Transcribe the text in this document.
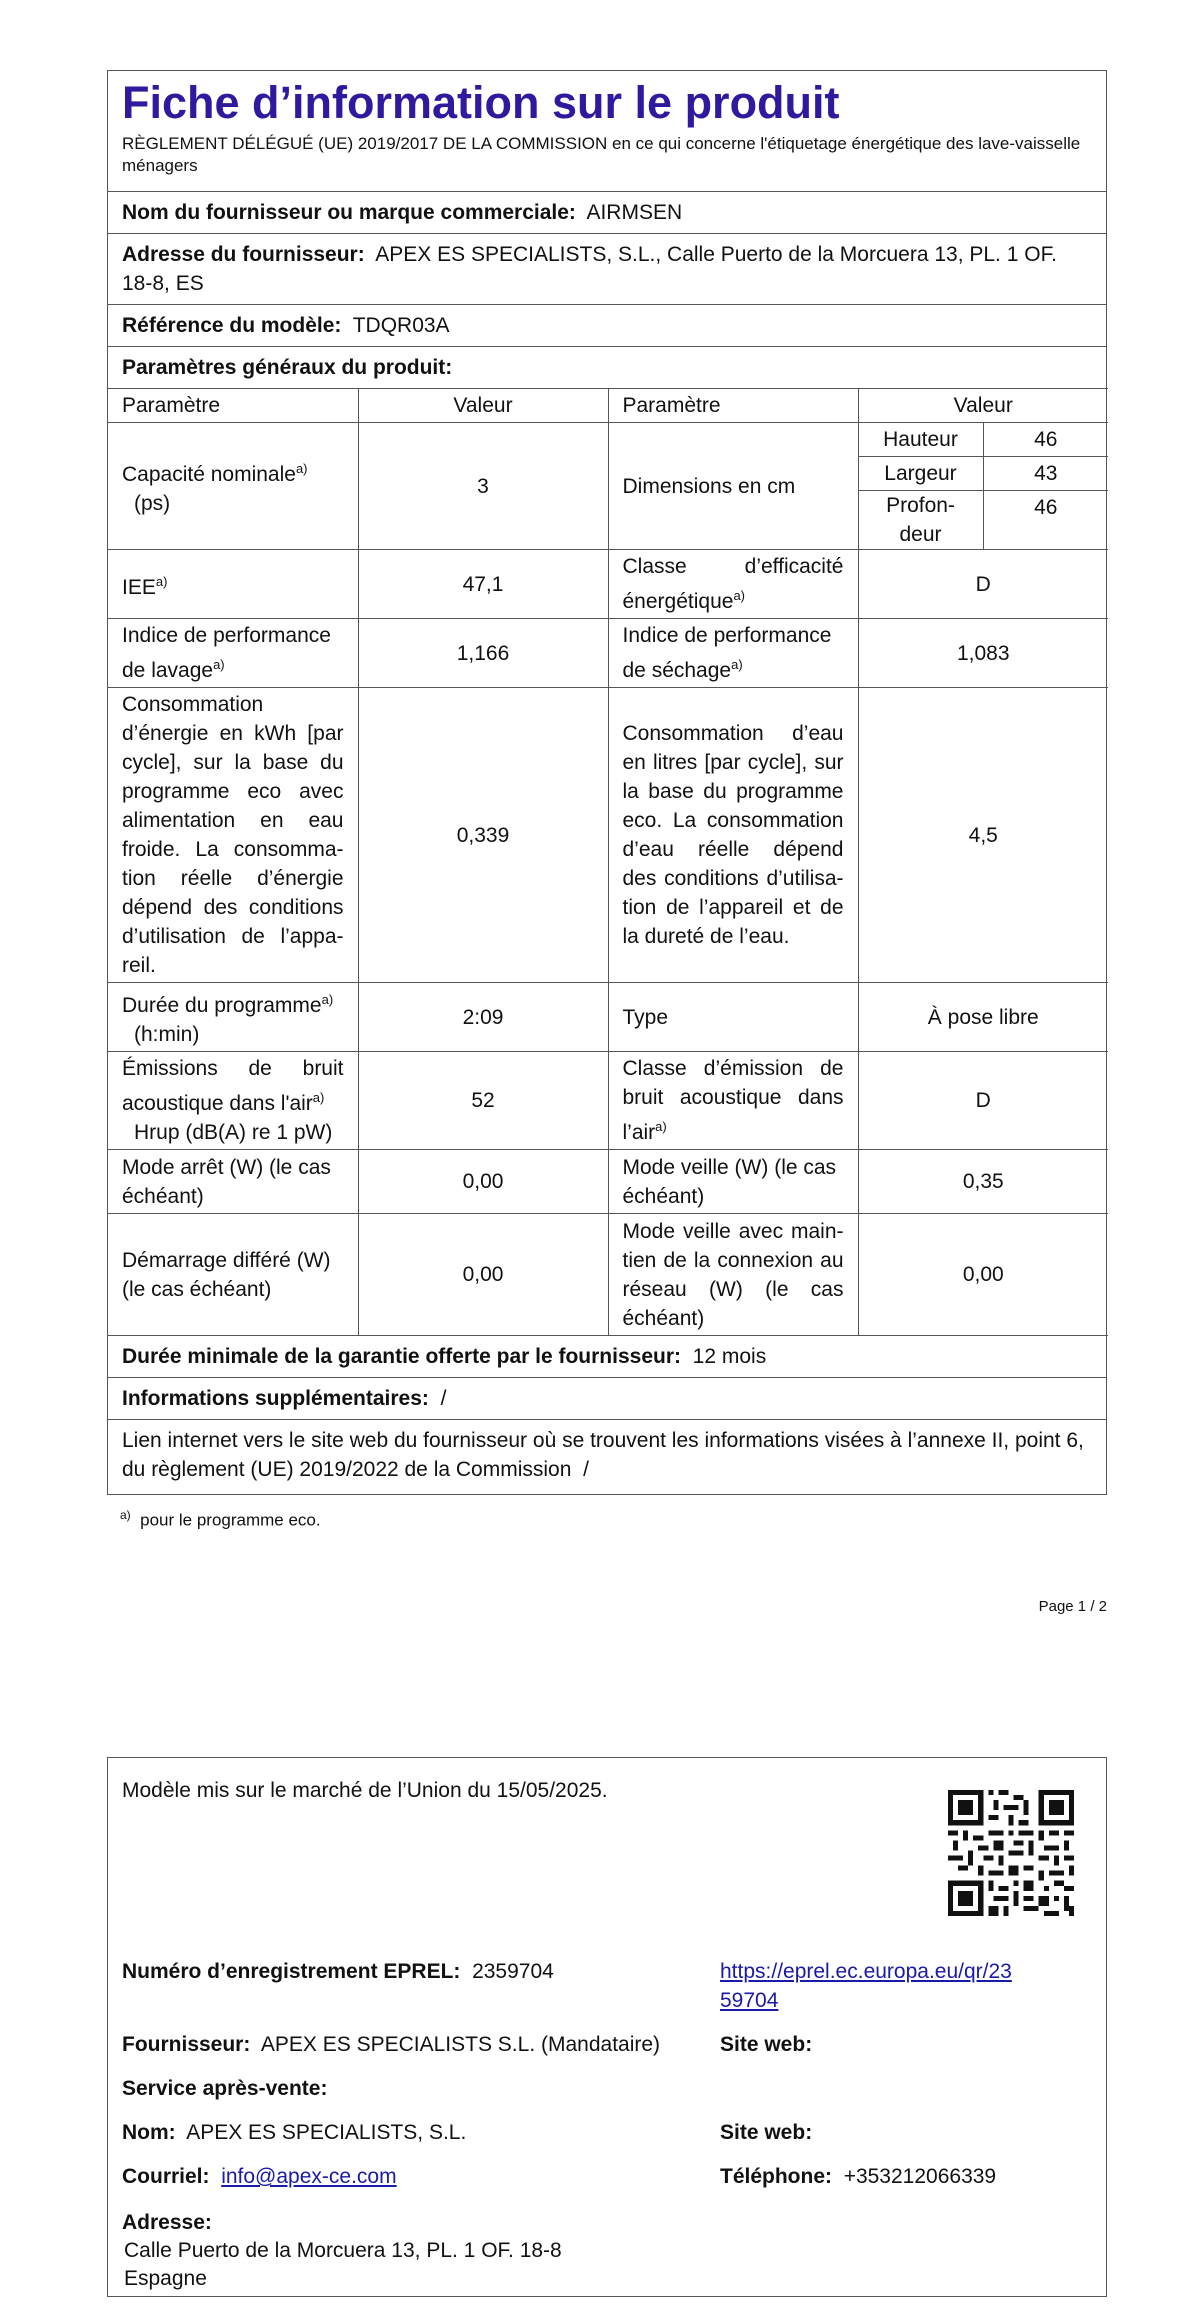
Fiche d’information sur le produit
RÈGLEMENT DÉLÉGUÉ (UE) 2019/2017 DE LA COMMISSION en ce qui concerne l'étiquetage énergétique des lave-vaisselle ménagers
Nom du fournisseur ou marque commerciale: AIRMSEN
Adresse du fournisseur: APEX ES SPECIALISTS, S.L., Calle Puerto de la Morcuera 13, PL. 1 OF. 18-8, ES
Référence du modèle: TDQR03A
Paramètres généraux du produit:
Paramètre	Valeur	Paramètre	Valeur	
Capacité nominale$^{a)}$
(ps)	3	Dimensions en cm	Hauteur	46
			Largeur	43
			Profon-deur	46
IEE$^{a)}$	47,1	Classe d’efficacité énergétique$^{a)}$	D	
Indice de performance de lavage$^{a)}$	1,166	Indice de performance de séchage$^{a)}$	1,083	
Consommation d’énergie en kWh [par cycle], sur la base du programme eco avec alimentation en eau froide. La consomma-tion réelle d’énergie dépend des conditions d’utilisation de l’appa-reil.	0,339	Consommation d’eau en litres [par cycle], sur la base du programme eco. La consommation d’eau réelle dépend des conditions d’utilisa-tion de l’appareil et de la dureté de l’eau.	4,5	
Durée du programme$^{a)}$
(h:min)	2:09	Type	À pose libre	
Émissions de bruit acoustique dans l'air$^{a)}$
Hrup (dB(A) re 1 pW)	52	Classe d’émission de bruit acoustique dans l’air$^{a)}$	D	
Mode arrêt (W) (le cas échéant)	0,00	Mode veille (W) (le cas échéant)	0,35	
Démarrage différé (W) (le cas échéant)	0,00	Mode veille avec main-tien de la connexion au réseau (W) (le cas échéant)	0,00	
Durée minimale de la garantie offerte par le fournisseur: 12 mois
Informations supplémentaires: /
Lien internet vers le site web du fournisseur où se trouvent les informations visées à l’annexe II, point 6, du règlement (UE) 2019/2022 de la Commission /
$^{a)}$ pour le programme eco.
Page 1 / 2
Modèle mis sur le marché de l’Union du 15/05/2025.
Numéro d’enregistrement EPREL: 2359704	https://eprel.ec.europa.eu/qr/23
59704
Fournisseur: APEX ES SPECIALISTS S.L. (Mandataire)	Site web:
Service après-vente:
Nom: APEX ES SPECIALISTS, S.L.	Site web:
Courriel: info@apex-ce.com	Téléphone: +353212066339
Adresse:
Calle Puerto de la Morcuera 13, PL. 1 OF. 18-8
Espagne
